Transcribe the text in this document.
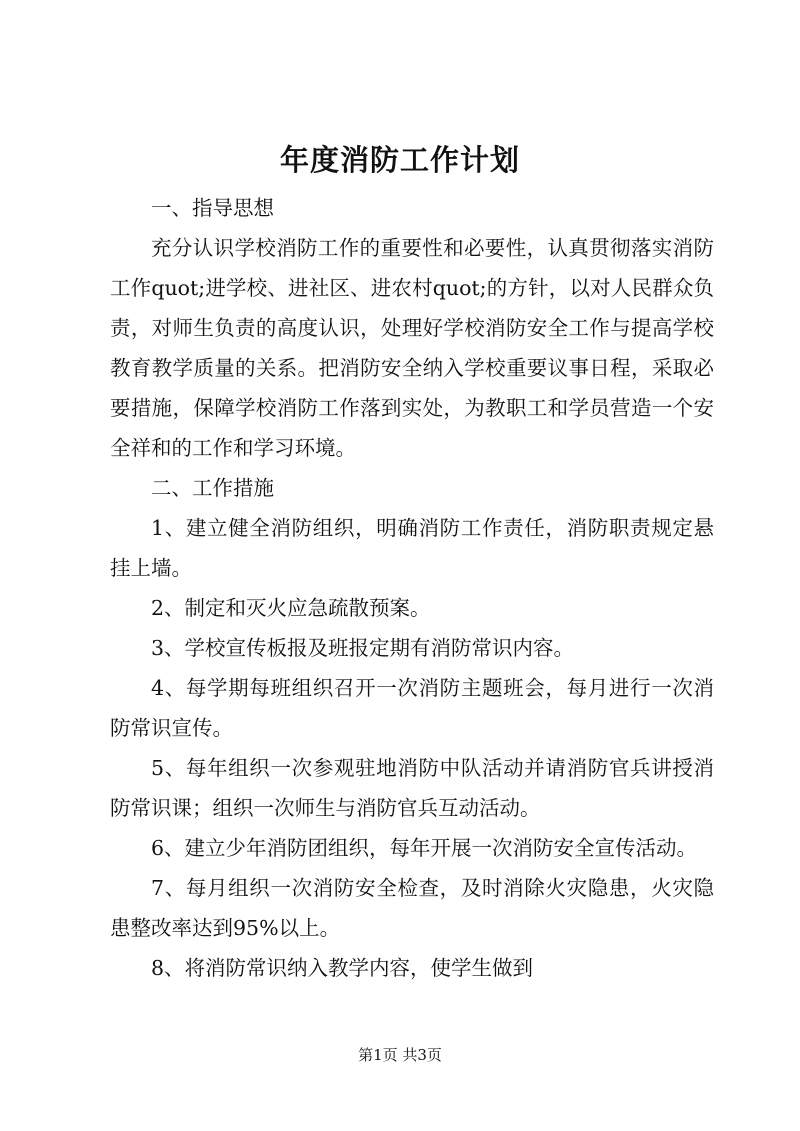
年度消防工作计划

一、指导思想

充分认识学校消防工作的重要性和必要性，认真贯彻落实消防工作quot;进学校、进社区、进农村quot;的方针，以对人民群众负责，对师生负责的高度认识，处理好学校消防安全工作与提高学校教育教学质量的关系。把消防安全纳入学校重要议事日程，采取必要措施，保障学校消防工作落到实处，为教职工和学员营造一个安全祥和的工作和学习环境。

二、工作措施

1、建立健全消防组织，明确消防工作责任，消防职责规定悬挂上墙。

2、制定和灭火应急疏散预案。

3、学校宣传板报及班报定期有消防常识内容。

4、每学期每班组织召开一次消防主题班会，每月进行一次消防常识宣传。

5、每年组织一次参观驻地消防中队活动并请消防官兵讲授消防常识课；组织一次师生与消防官兵互动活动。

6、建立少年消防团组织，每年开展一次消防安全宣传活动。

7、每月组织一次消防安全检查，及时消除火灾隐患，火灾隐患整改率达到95%以上。

8、将消防常识纳入教学内容，使学生做到

第1页 共3页
